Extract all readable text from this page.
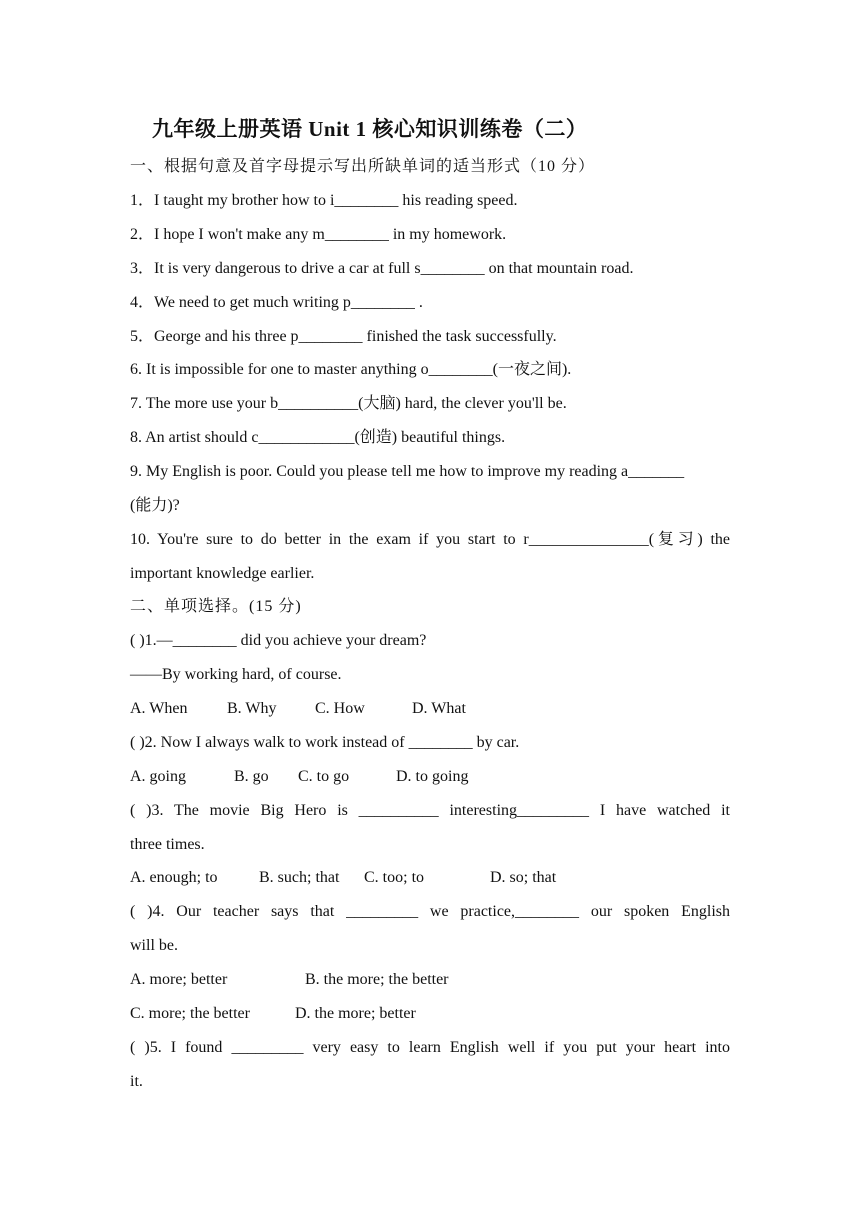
九年级上册英语 Unit 1 核心知识训练卷（二）
一、根据句意及首字母提示写出所缺单词的适当形式（10 分）
1．I taught my brother how to i________ his reading speed.
2．I hope I won't make any m________ in my homework.
3．It is very dangerous to drive a car at full s________ on that mountain road.
4．We need to get much writing p________ .
5．George and his three p________ finished the task successfully.
6. It is impossible for one to master anything o________(一夜之间).
7. The more use your b__________(大脑) hard, the clever you'll be.
8. An artist should c____________(创造) beautiful things.
9. My English is poor. Could you please tell me how to improve my reading a_______
(能力)?
10. You're sure to do better in the exam if you start to r_______________(复习) the
important knowledge earlier.
二、单项选择。(15 分)
( )1.—________ did you achieve your dream?
——By working hard, of course.
A. When B. Why C. How	D. What
( )2. Now I always walk to work instead of ________ by car.
A. going	B. go C. to go	D. to going
( )3. The movie Big Hero is __________ interesting_________ I have watched it
three times.
A. enough; to	B. such; that C. too; to	D. so; that
( )4. Our teacher says that _________ we practice,________ our spoken English
will be.
A. more; better	B. the more; the better
C. more; the better	D. the more; better
( )5. I found _________ very easy to learn English well if you put your heart into
it.
